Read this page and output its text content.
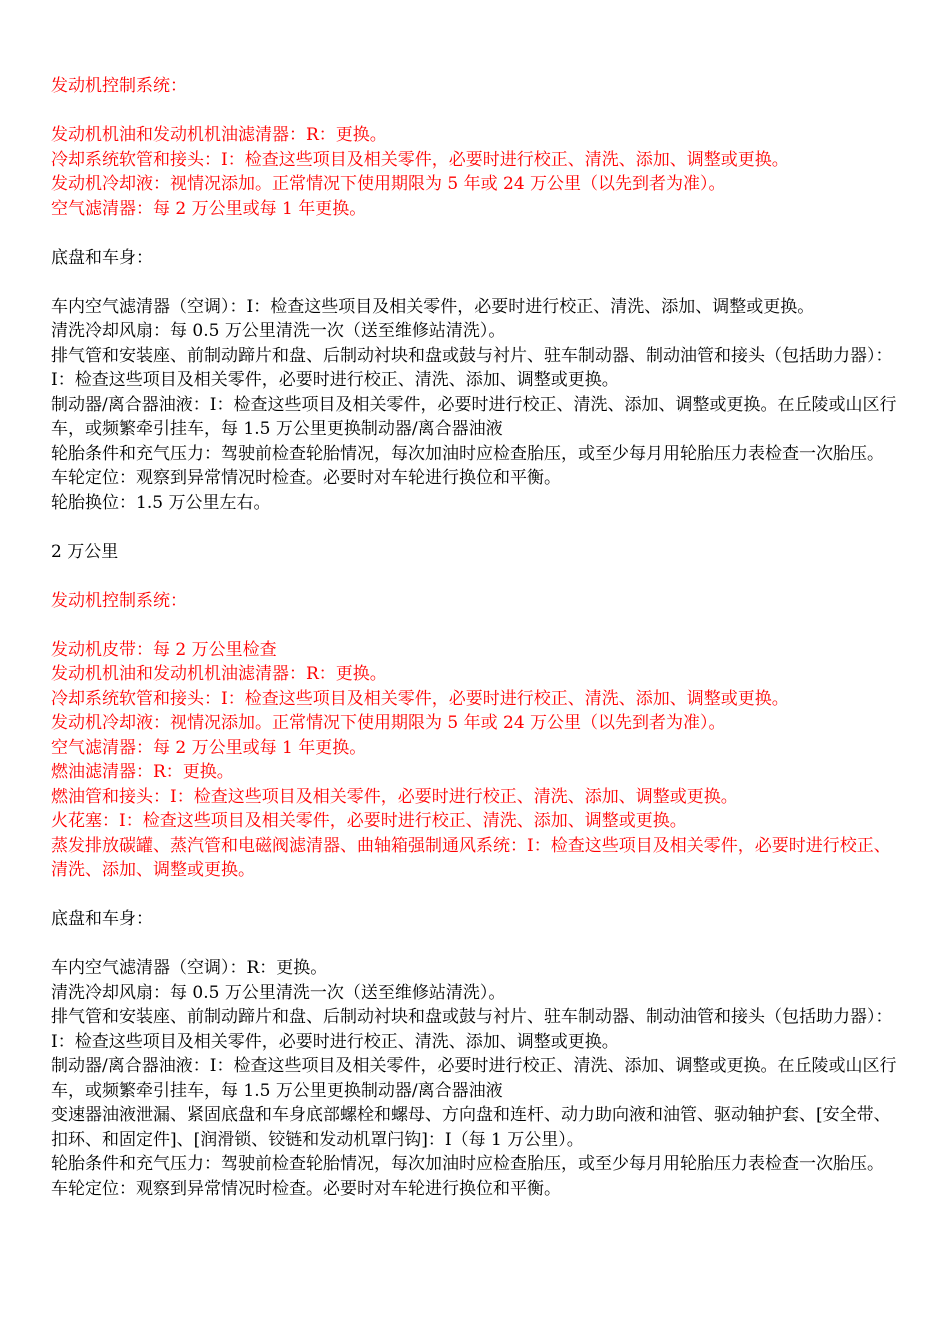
发动机控制系统：

发动机机油和发动机机油滤清器：R：更换。

冷却系统软管和接头：I：检查这些项目及相关零件，必要时进行校正、清洗、添加、调整或更换。

发动机冷却液：视情况添加。正常情况下使用期限为 5 年或 24 万公里（以先到者为准）。

空气滤清器：每 2 万公里或每 1 年更换。

底盘和车身：

车内空气滤清器（空调）：I：检查这些项目及相关零件，必要时进行校正、清洗、添加、调整或更换。

清洗冷却风扇：每 0.5 万公里清洗一次（送至维修站清洗）。

排气管和安装座、前制动蹄片和盘、后制动衬块和盘或鼓与衬片、驻车制动器、制动油管和接头（包括助力器）：I：检查这些项目及相关零件，必要时进行校正、清洗、添加、调整或更换。

制动器/离合器油液：I：检查这些项目及相关零件，必要时进行校正、清洗、添加、调整或更换。在丘陵或山区行车，或频繁牵引挂车，每 1.5 万公里更换制动器/离合器油液

轮胎条件和充气压力：驾驶前检查轮胎情况，每次加油时应检查胎压，或至少每月用轮胎压力表检查一次胎压。

车轮定位：观察到异常情况时检查。必要时对车轮进行换位和平衡。

轮胎换位：1.5 万公里左右。

2 万公里

发动机控制系统：

发动机皮带：每 2 万公里检查

发动机机油和发动机机油滤清器：R：更换。

冷却系统软管和接头：I：检查这些项目及相关零件，必要时进行校正、清洗、添加、调整或更换。

发动机冷却液：视情况添加。正常情况下使用期限为 5 年或 24 万公里（以先到者为准）。

空气滤清器：每 2 万公里或每 1 年更换。

燃油滤清器：R：更换。

燃油管和接头：I：检查这些项目及相关零件，必要时进行校正、清洗、添加、调整或更换。

火花塞：I：检查这些项目及相关零件，必要时进行校正、清洗、添加、调整或更换。

蒸发排放碳罐、蒸汽管和电磁阀滤清器、曲轴箱强制通风系统：I：检查这些项目及相关零件，必要时进行校正、清洗、添加、调整或更换。

底盘和车身：

车内空气滤清器（空调）：R：更换。

清洗冷却风扇：每 0.5 万公里清洗一次（送至维修站清洗）。

排气管和安装座、前制动蹄片和盘、后制动衬块和盘或鼓与衬片、驻车制动器、制动油管和接头（包括助力器）：I：检查这些项目及相关零件，必要时进行校正、清洗、添加、调整或更换。

制动器/离合器油液：I：检查这些项目及相关零件，必要时进行校正、清洗、添加、调整或更换。在丘陵或山区行车，或频繁牵引挂车，每 1.5 万公里更换制动器/离合器油液

变速器油液泄漏、紧固底盘和车身底部螺栓和螺母、方向盘和连杆、动力助向液和油管、驱动轴护套、[安全带、扣环、和固定件]、[润滑锁、铰链和发动机罩闩钩]：I（每 1 万公里）。

轮胎条件和充气压力：驾驶前检查轮胎情况，每次加油时应检查胎压，或至少每月用轮胎压力表检查一次胎压。

车轮定位：观察到异常情况时检查。必要时对车轮进行换位和平衡。
